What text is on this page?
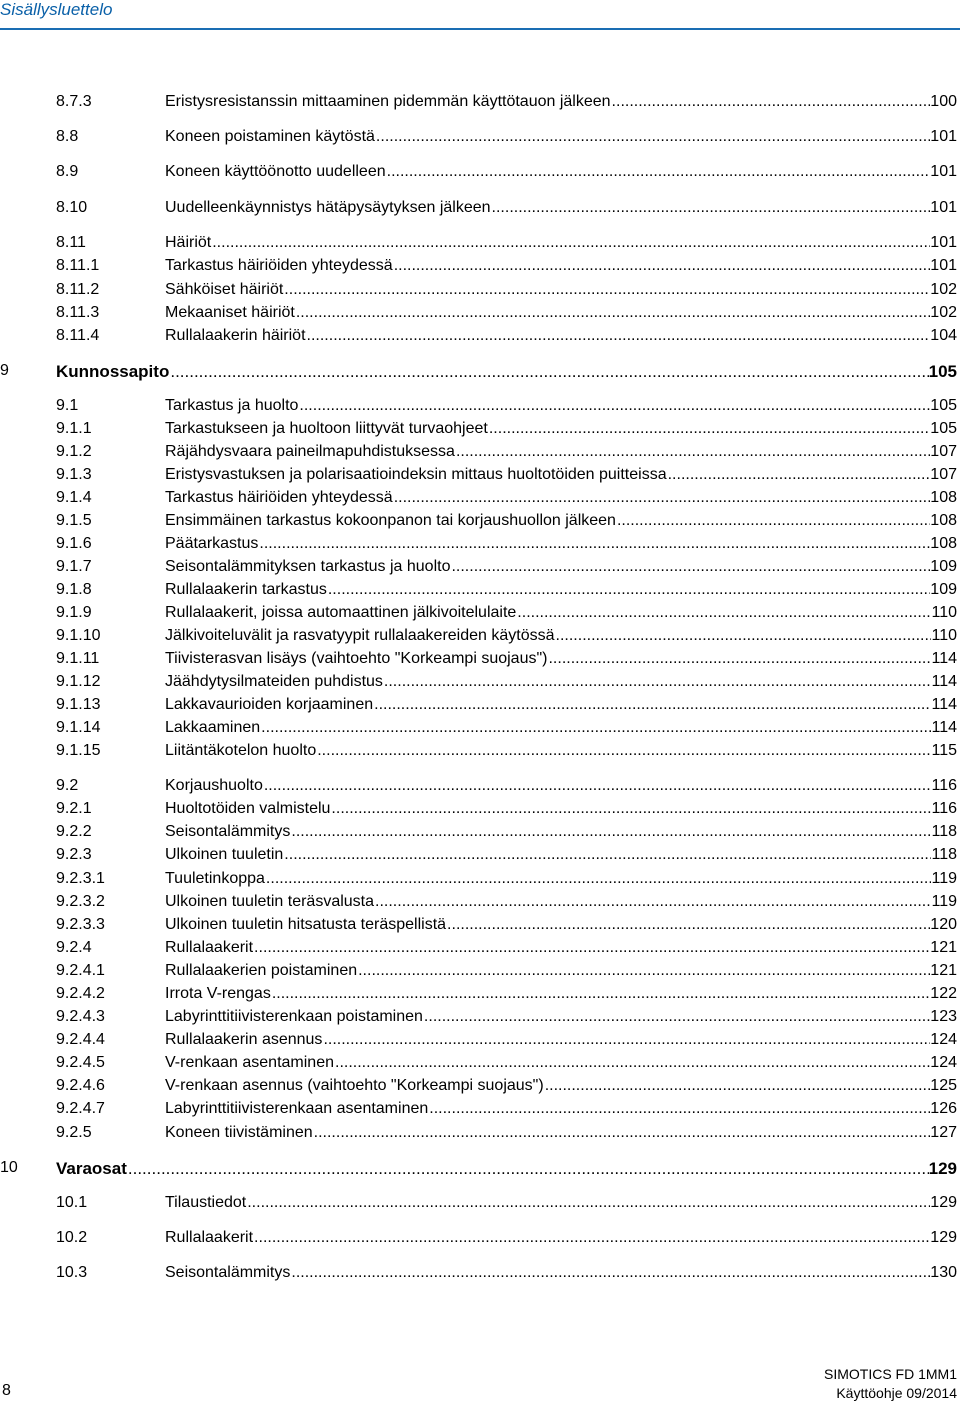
Sisällysluettelo
8.7.3	Eristysresistanssin mittaaminen pidemmän käyttötauon jälkeen .....	100
8.8	Koneen poistaminen käytöstä .....	101
8.9	Koneen käyttöönotto uudelleen .....	101
8.10	Uudelleenkäynnistys hätäpysäytyksen jälkeen .....	101
8.11	Häiriöt .....	101
8.11.1	Tarkastus häiriöiden yhteydessä .....	101
8.11.2	Sähköiset häiriöt .....	102
8.11.3	Mekaaniset häiriöt .....	102
8.11.4	Rullalaakerin häiriöt .....	104
9	Kunnossapito .....	105
9.1	Tarkastus ja huolto .....	105
9.1.1	Tarkastukseen ja huoltoon liittyvät turvaohjeet .....	105
9.1.2	Räjähdysvaara paineilmapuhdistuksessa .....	107
9.1.3	Eristysvastuksen ja polarisaatioindeksin mittaus huoltotöiden puitteissa .....	107
9.1.4	Tarkastus häiriöiden yhteydessä .....	108
9.1.5	Ensimmäinen tarkastus kokoonpanon tai korjaushuollon jälkeen .....	108
9.1.6	Päätarkastus .....	108
9.1.7	Seisontalämmityksen tarkastus ja huolto .....	109
9.1.8	Rullalaakerin tarkastus .....	109
9.1.9	Rullalaakerit, joissa automaattinen jälkivoitelulaite .....	110
9.1.10	Jälkivoiteluvälit ja rasvatyypit rullalaakereiden käytössä .....	110
9.1.11	Tiivisterasvan lisäys (vaihtoehto "Korkeampi suojaus") .....	114
9.1.12	Jäähdytysilmateiden puhdistus .....	114
9.1.13	Lakkavaurioiden korjaaminen .....	114
9.1.14	Lakkaaminen .....	114
9.1.15	Liitäntäkotelon huolto .....	115
9.2	Korjaushuolto .....	116
9.2.1	Huoltotöiden valmistelu .....	116
9.2.2	Seisontalämmitys .....	118
9.2.3	Ulkoinen tuuletin .....	118
9.2.3.1	Tuuletinkoppa .....	119
9.2.3.2	Ulkoinen tuuletin teräsvalusta .....	119
9.2.3.3	Ulkoinen tuuletin hitsatusta teräspellistä .....	120
9.2.4	Rullalaakerit .....	121
9.2.4.1	Rullalaakerien poistaminen .....	121
9.2.4.2	Irrota V-rengas .....	122
9.2.4.3	Labyrinttitiivisterenkaan poistaminen .....	123
9.2.4.4	Rullalaakerin asennus .....	124
9.2.4.5	V-renkaan asentaminen .....	124
9.2.4.6	V-renkaan asennus (vaihtoehto "Korkeampi suojaus") .....	125
9.2.4.7	Labyrinttitiivisterenkaan asentaminen .....	126
9.2.5	Koneen tiivistäminen .....	127
10 Varaosat .....	129
10.1	Tilaustiedot .....	129
10.2	Rullalaakerit .....	129
10.3	Seisontalämmitys .....	130
8
SIMOTICS FD 1MM1
Käyttöohje 09/2014
